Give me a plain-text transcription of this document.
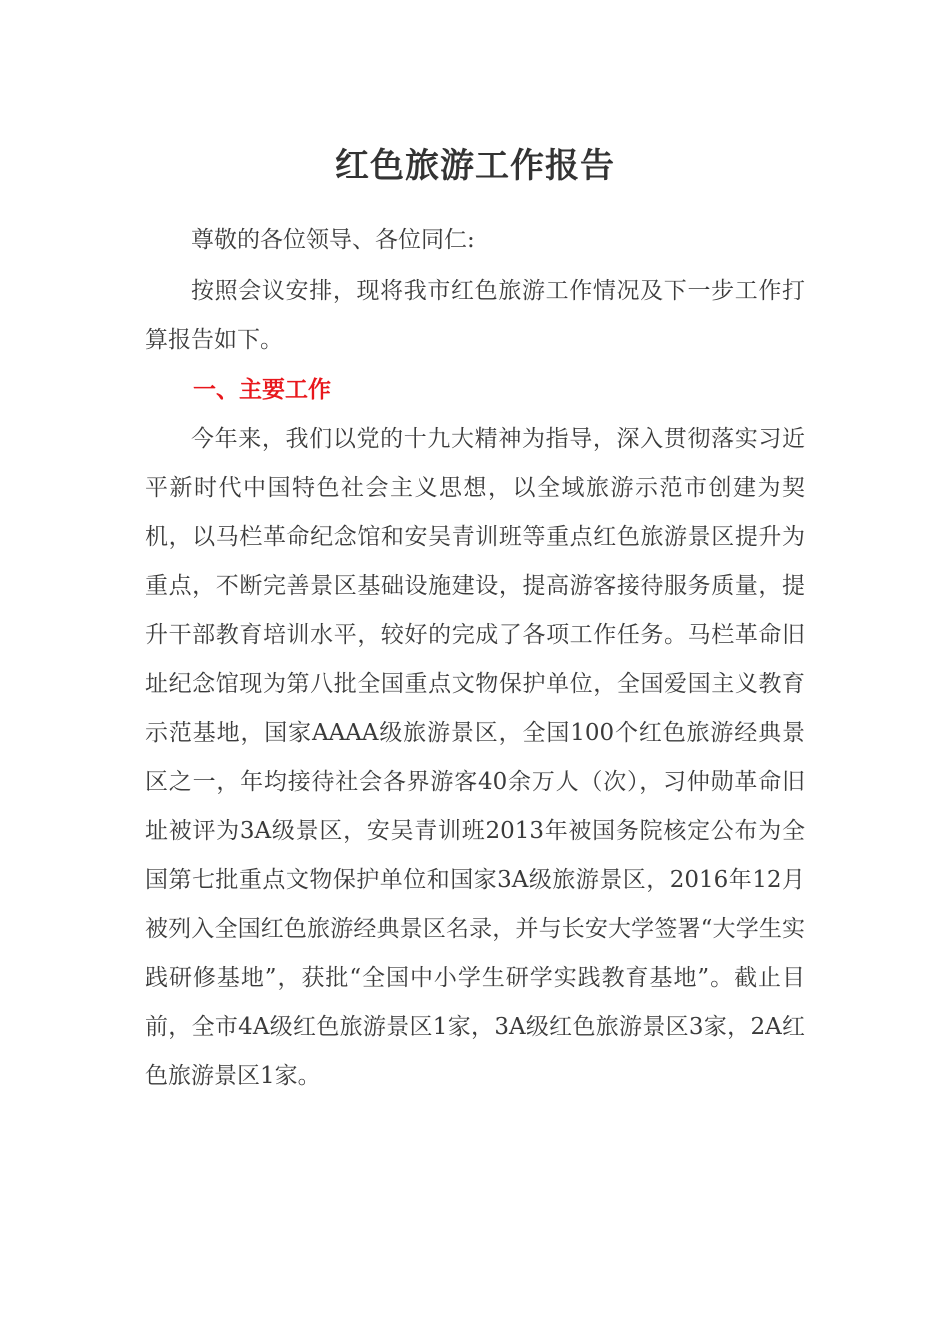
红色旅游工作报告

尊敬的各位领导、各位同仁:

按照会议安排，现将我市红色旅游工作情况及下一步工作打算报告如下。

一、主要工作

今年来，我们以党的十九大精神为指导，深入贯彻落实习近平新时代中国特色社会主义思想，以全域旅游示范市创建为契机，以马栏革命纪念馆和安吴青训班等重点红色旅游景区提升为重点，不断完善景区基础设施建设，提高游客接待服务质量，提升干部教育培训水平，较好的完成了各项工作任务。马栏革命旧址纪念馆现为第八批全国重点文物保护单位，全国爱国主义教育示范基地，国家AAAA级旅游景区，全国100个红色旅游经典景区之一，年均接待社会各界游客40余万人（次），习仲勋革命旧址被评为3A级景区，安吴青训班2013年被国务院核定公布为全国第七批重点文物保护单位和国家3A级旅游景区，2016年12月被列入全国红色旅游经典景区名录，并与长安大学签署“大学生实践研修基地”，获批“全国中小学生研学实践教育基地”。截止目前，全市4A级红色旅游景区1家，3A级红色旅游景区3家，2A红色旅游景区1家。
